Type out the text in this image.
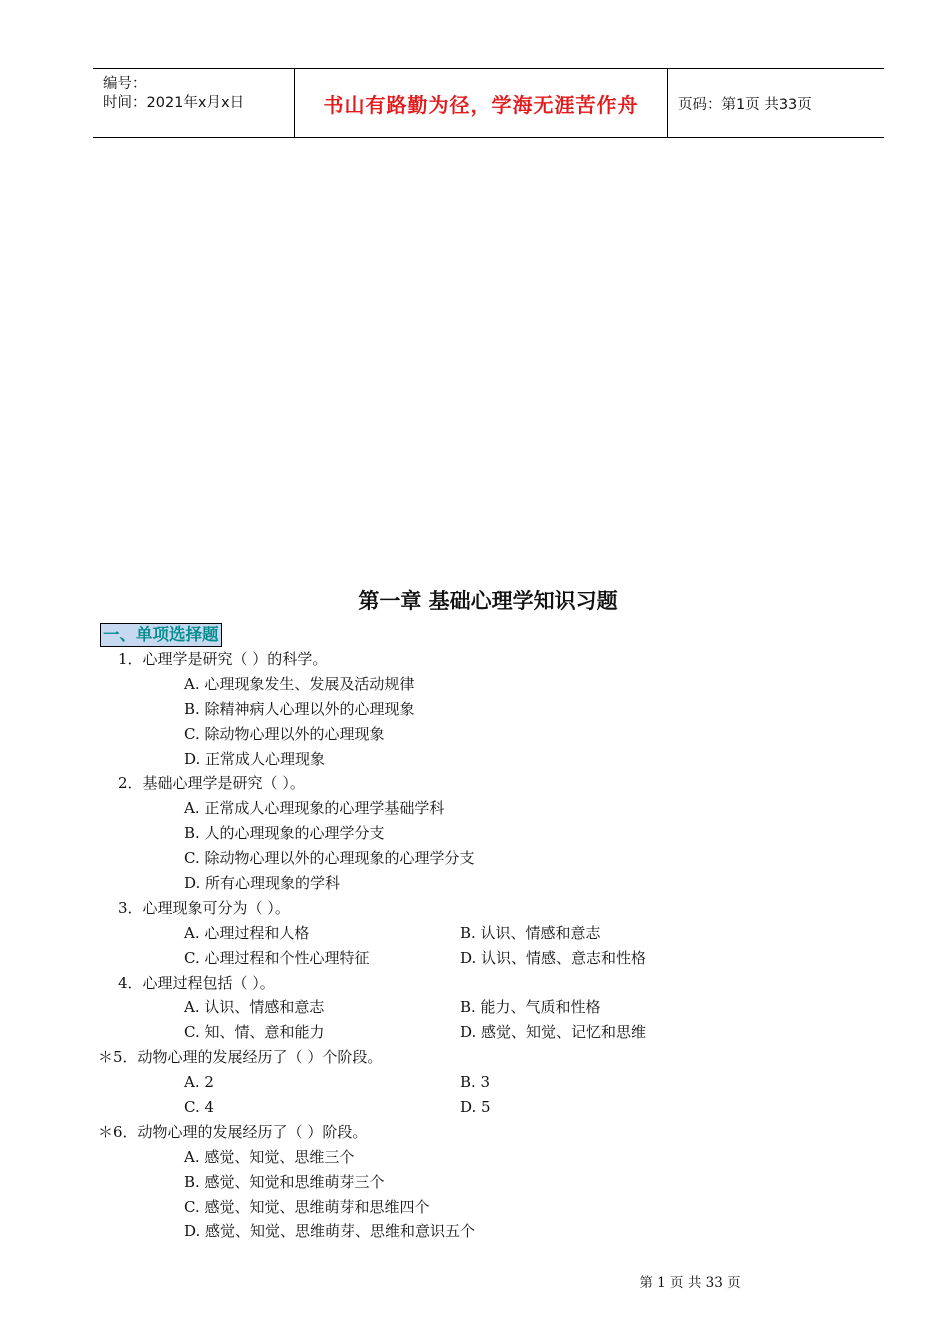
编号：
时间：2021年x月x日	书山有路勤为径，学海无涯苦作舟	页码：第1页 共33页
第一章 基础心理学知识习题
一、单项选择题
1．心理学是研究（ ）的科学。
A. 心理现象发生、发展及活动规律
B. 除精神病人心理以外的心理现象
C. 除动物心理以外的心理现象
D. 正常成人心理现象
2．基础心理学是研究（ ）。
A. 正常成人心理现象的心理学基础学科
B. 人的心理现象的心理学分支
C. 除动物心理以外的心理现象的心理学分支
D. 所有心理现象的学科
3．心理现象可分为（ ）。
A. 心理过程和人格	B. 认识、情感和意志
C. 心理过程和个性心理特征	D. 认识、情感、意志和性格
4．心理过程包括（ ）。
A. 认识、情感和意志	B. 能力、气质和性格
C. 知、情、意和能力	D. 感觉、知觉、记忆和思维
＊5．动物心理的发展经历了（ ）个阶段。
A. 2	B. 3
C. 4	D. 5
＊6．动物心理的发展经历了（ ）阶段。
A. 感觉、知觉、思维三个
B. 感觉、知觉和思维萌芽三个
C. 感觉、知觉、思维萌芽和思维四个
D. 感觉、知觉、思维萌芽、思维和意识五个
第 1 页 共 33 页
